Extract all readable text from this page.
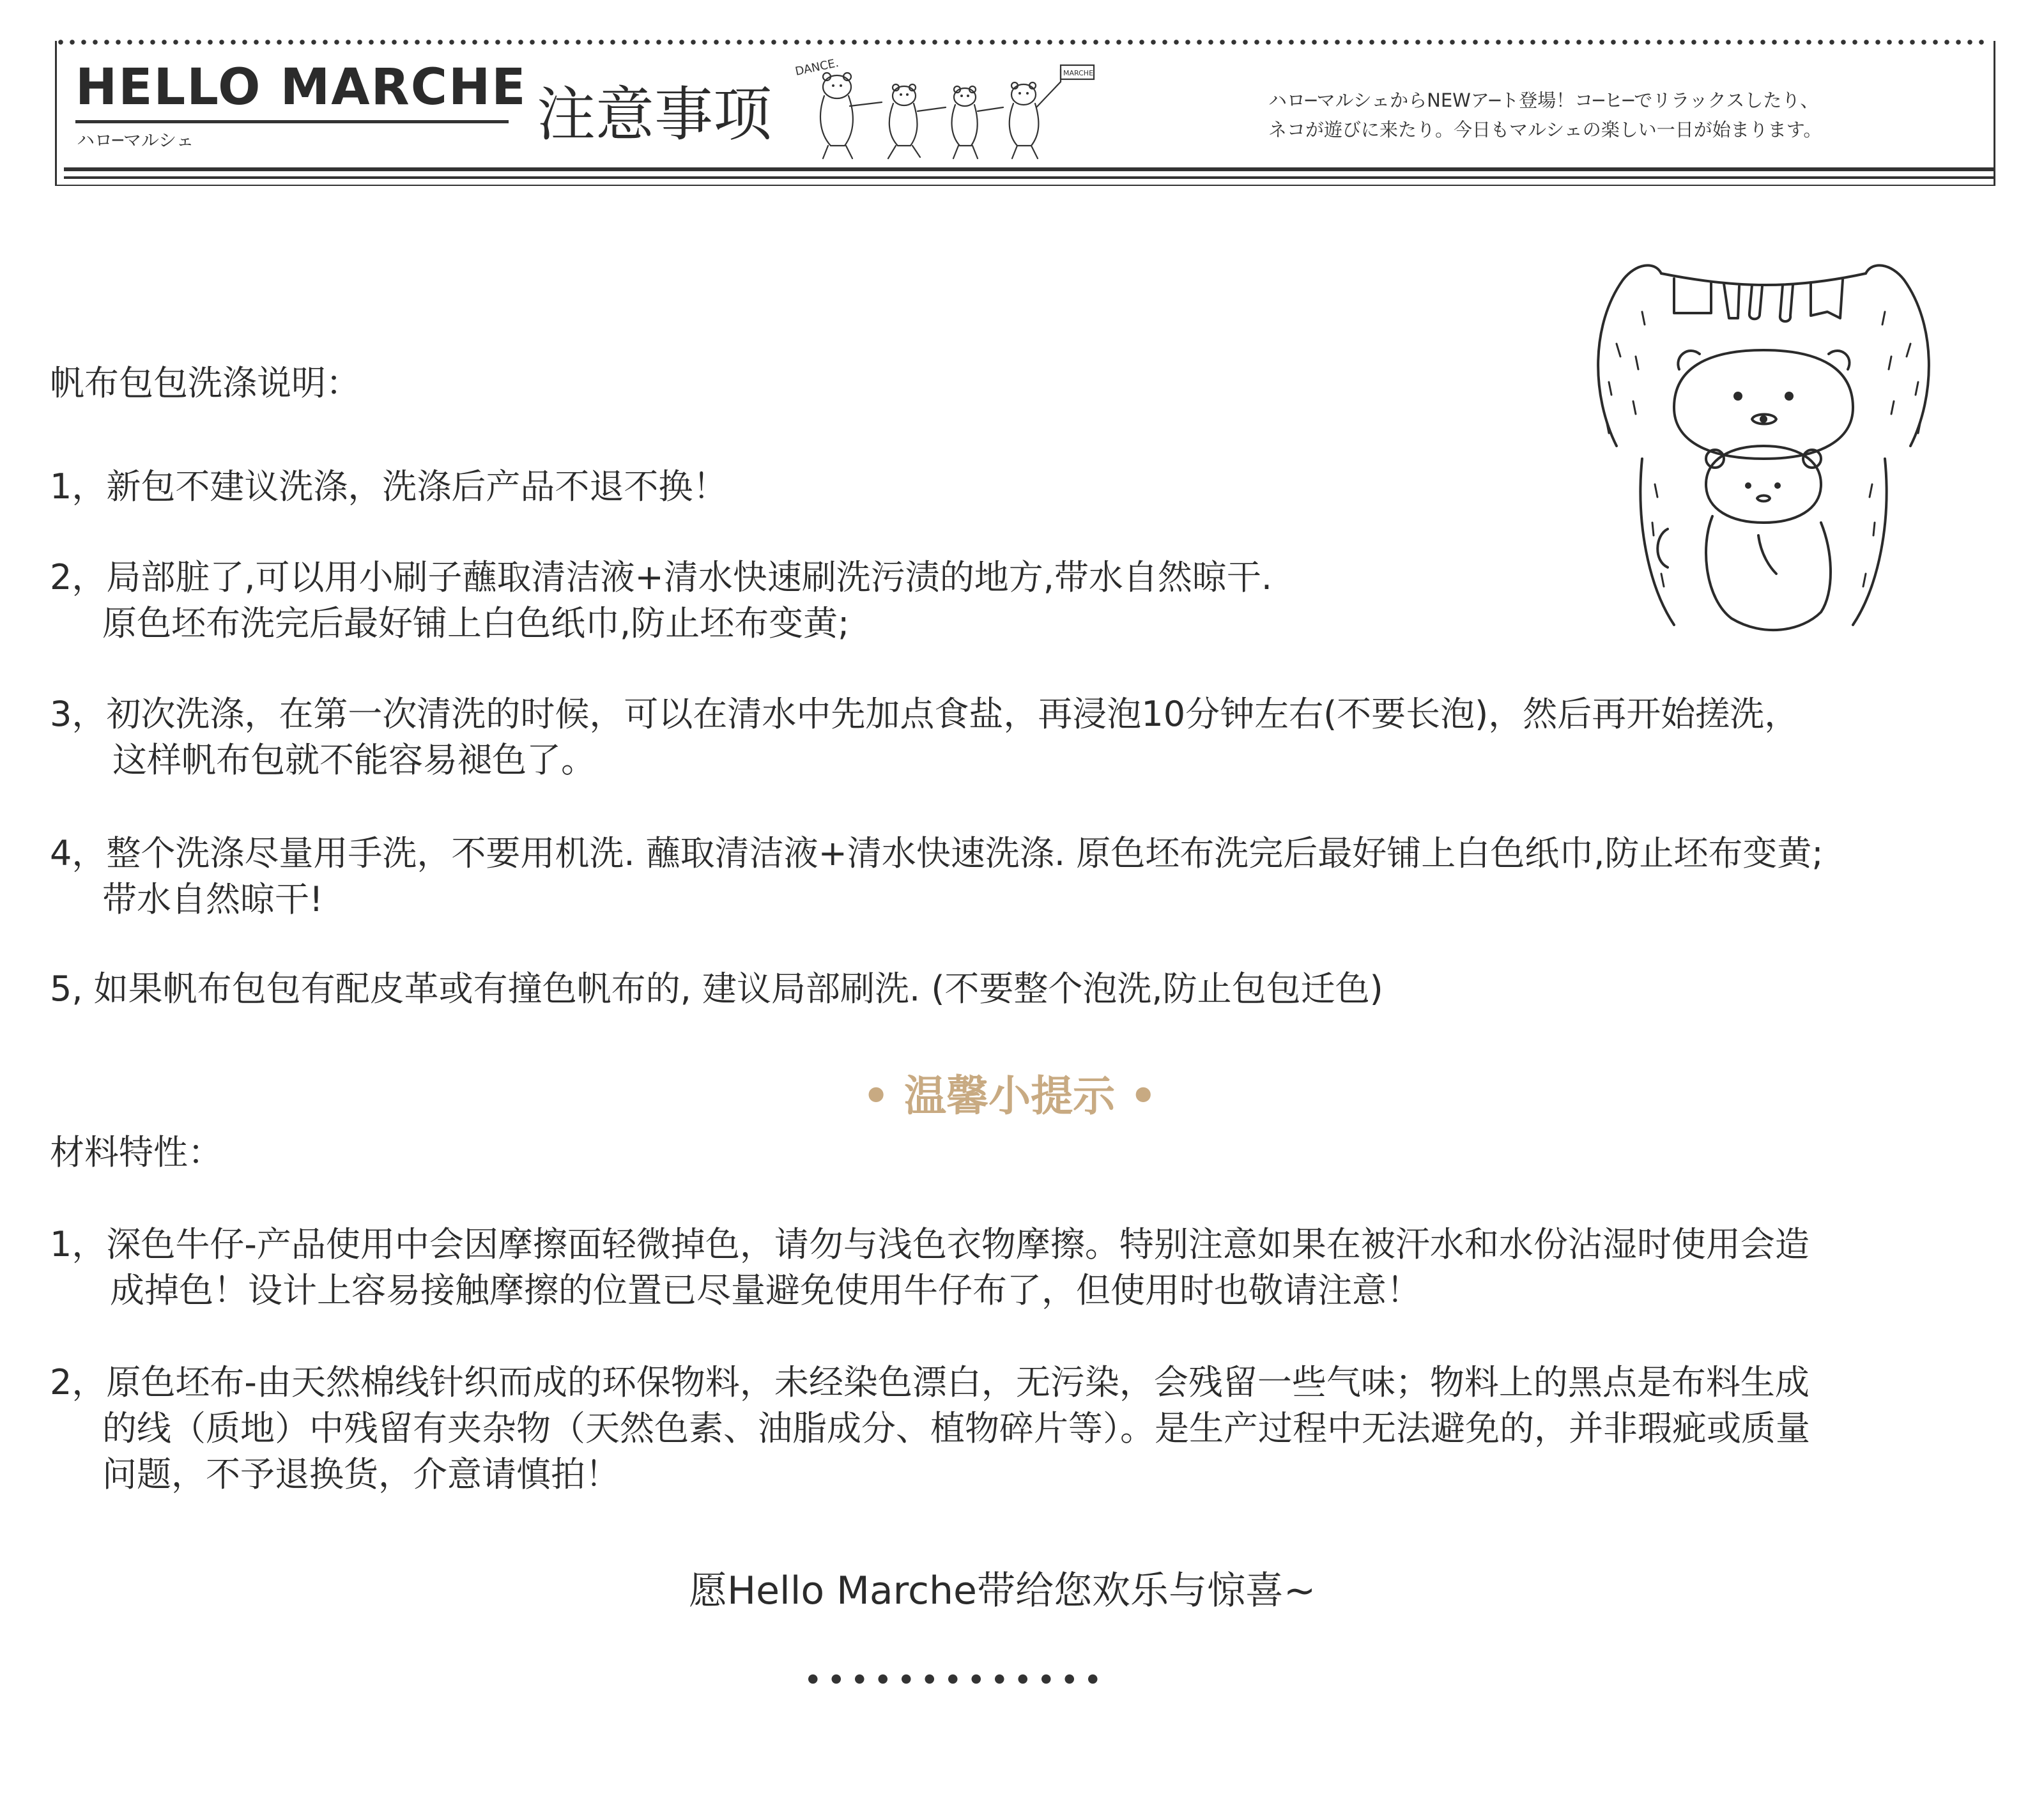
HELLO MARCHE
ハロ─マルシェ	注意事项
DANCE.	MARCHE
ハロ─マルシェからNEWア─ト登場！コ─ヒ─でリラックスしたり、
ネコが遊びに来たり。今日もマルシェの楽しい一日が始まります。
帆布包包洗涤说明：
1，新包不建议洗涤，洗涤后产品不退不换！
2，局部脏了,可以用小刷子蘸取清洁液+清水快速刷洗污渍的地方,带水自然晾干.
原色坯布洗完后最好铺上白色纸巾,防止坯布变黄;
3，初次洗涤，在第一次清洗的时候，可以在清水中先加点食盐，再浸泡10分钟左右(不要长泡)，然后再开始搓洗，
这样帆布包就不能容易褪色了。
4，整个洗涤尽量用手洗，不要用机洗. 蘸取清洁液+清水快速洗涤. 原色坯布洗完后最好铺上白色纸巾,防止坯布变黄;
带水自然晾干!
5, 如果帆布包包有配皮革或有撞色帆布的, 建议局部刷洗. (不要整个泡洗,防止包包迁色)
• 温馨小提示 •
材料特性：
1，深色牛仔-产品使用中会因摩擦面轻微掉色，请勿与浅色衣物摩擦。特别注意如果在被汗水和水份沾湿时使用会造
成掉色！设计上容易接触摩擦的位置已尽量避免使用牛仔布了，但使用时也敬请注意！
2，原色坯布-由天然棉线针织而成的环保物料，未经染色漂白，无污染，会残留一些气味；物料上的黑点是布料生成
的线（质地）中残留有夹杂物（天然色素、油脂成分、植物碎片等）。是生产过程中无法避免的，并非瑕疵或质量
问题，不予退换货，介意请慎拍！
愿Hello Marche带给您欢乐与惊喜~
